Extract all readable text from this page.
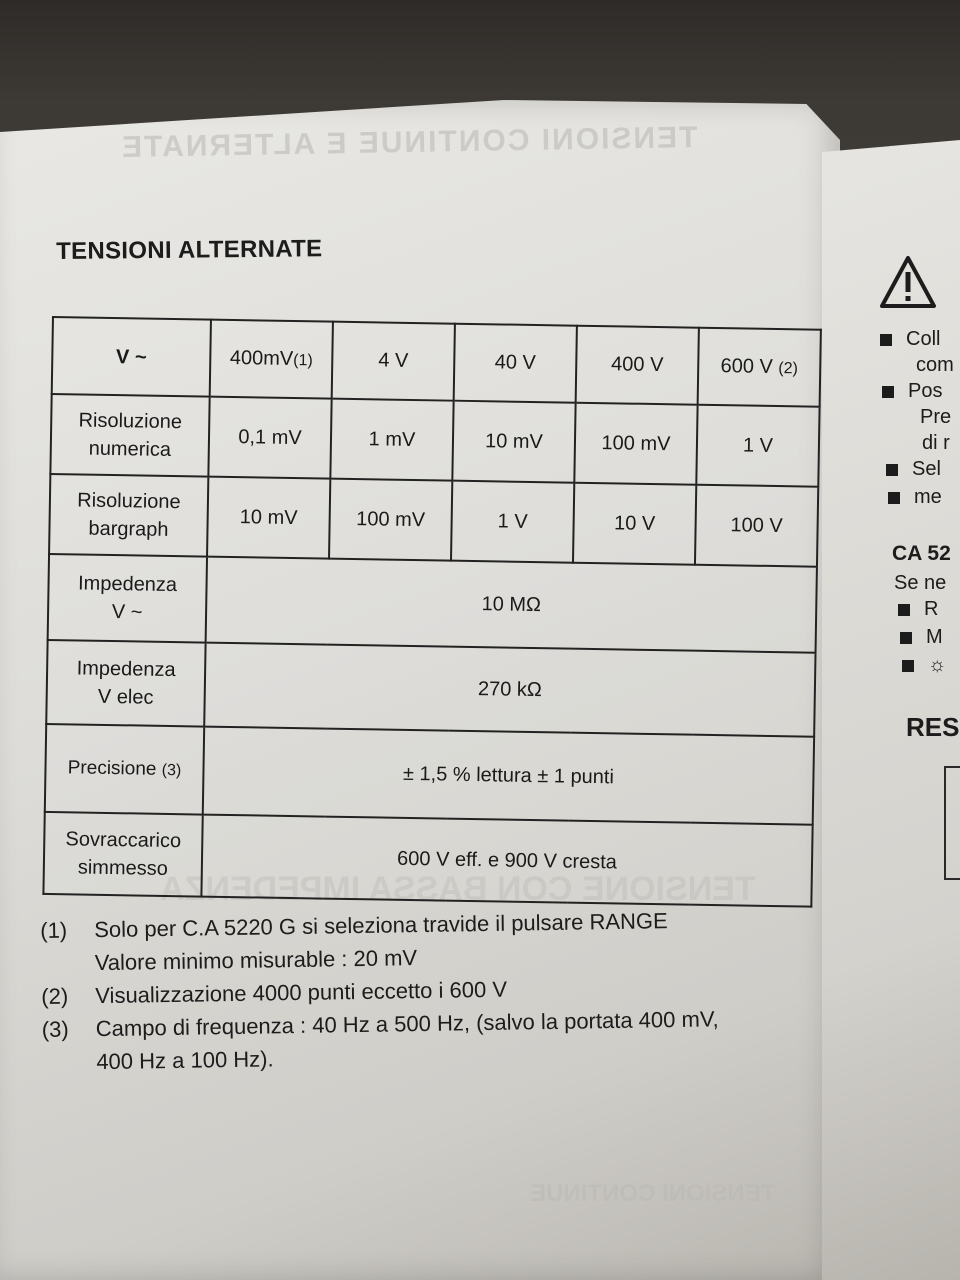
TENSIONI CONTINUE E ALTERNATE
TENSIONE CON BASSA IMPEDENZA
TENSIONI CONTINUE
TENSIONI ALTERNATE
V ~	400mV(1)	4 V	40 V	400 V	600 V (2)
Risoluzione
numerica	0,1 mV	1 mV	10 mV	100 mV	1 V
Risoluzione
bargraph	10 mV	100 mV	1 V	10 V	100 V
Impedenza
V ~	10 MΩ				
Impedenza
V elec	270 kΩ				
Precisione (3)	± 1,5 % lettura ± 1 punti				
Sovraccarico
simmesso	600 V eff. e 900 V cresta				
(1)	Solo per C.A 5220 G si seleziona travide il pulsare RANGE
Valore minimo misurable : 20 mV
(2)	Visualizzazione 4000 punti eccetto i 600 V
(3)	Campo di frequenza : 40 Hz a 500 Hz, (salvo la portata 400 mV,
400 Hz a 100 Hz).
Coll
com
Pos
Pre
di r
Sel
me
CA 52
Se ne
R
M
☼
RES
